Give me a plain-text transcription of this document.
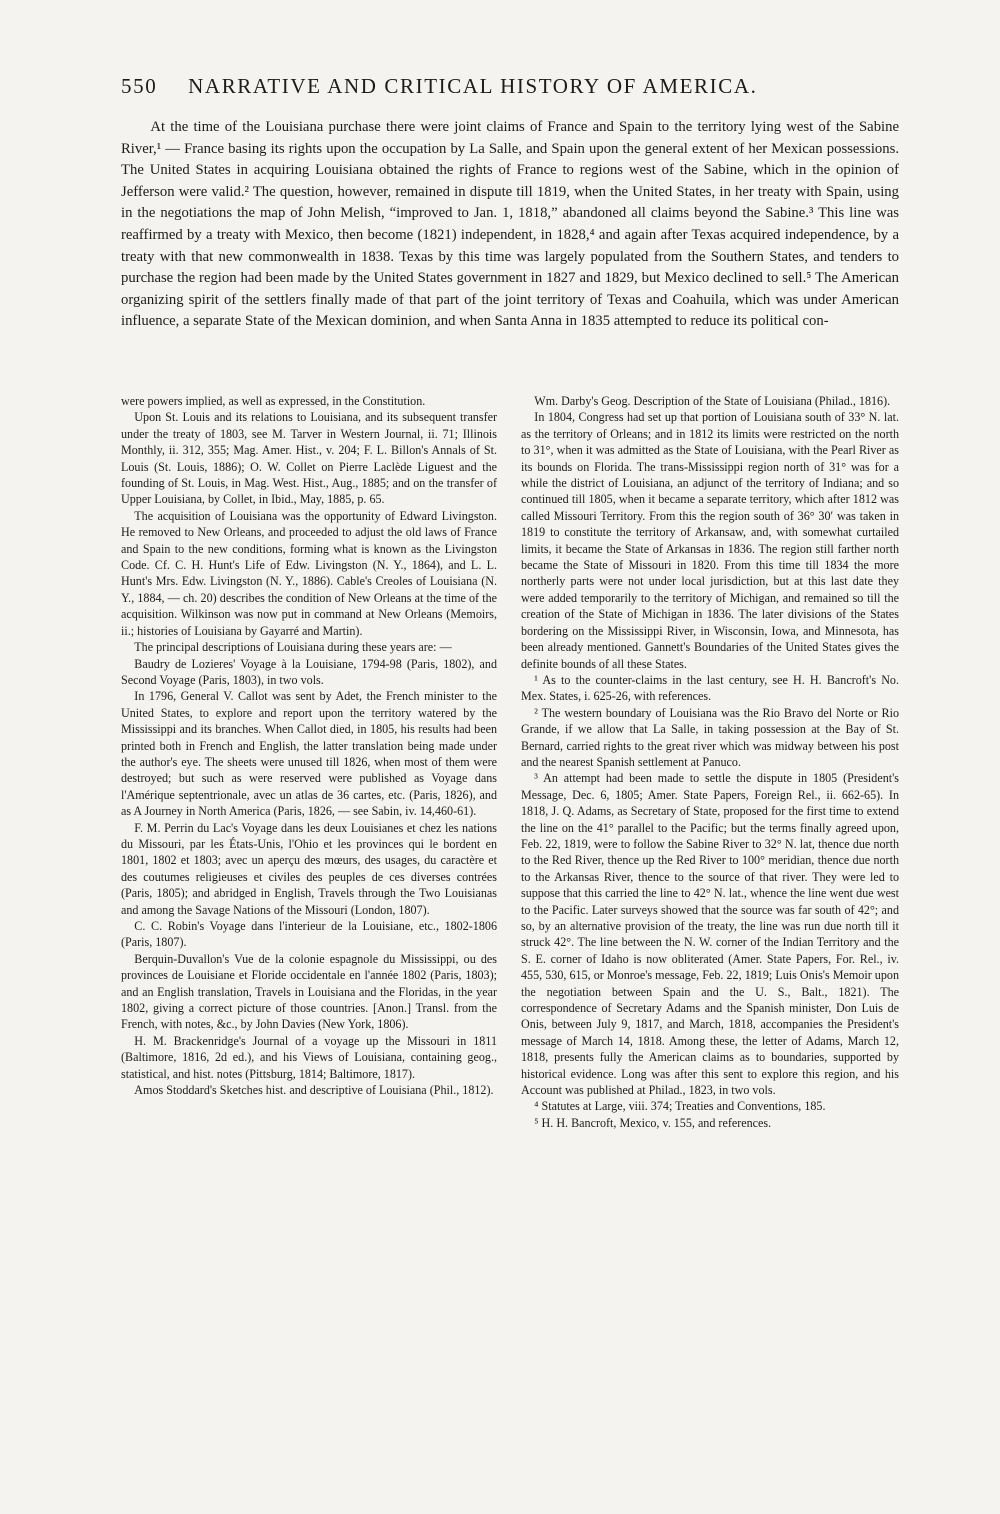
550 NARRATIVE AND CRITICAL HISTORY OF AMERICA.

At the time of the Louisiana purchase there were joint claims of France and Spain to the territory lying west of the Sabine River,¹ — France basing its rights upon the occupation by La Salle, and Spain upon the general extent of her Mexican possessions. The United States in acquiring Louisiana obtained the rights of France to regions west of the Sabine, which in the opinion of Jefferson were valid.² The question, however, remained in dispute till 1819, when the United States, in her treaty with Spain, using in the negotiations the map of John Melish, “improved to Jan. 1, 1818,” abandoned all claims beyond the Sabine.³ This line was reaffirmed by a treaty with Mexico, then become (1821) independent, in 1828,⁴ and again after Texas acquired independence, by a treaty with that new commonwealth in 1838. Texas by this time was largely populated from the Southern States, and tenders to purchase the region had been made by the United States government in 1827 and 1829, but Mexico declined to sell.⁵ The American organizing spirit of the settlers finally made of that part of the joint territory of Texas and Coahuila, which was under American influence, a separate State of the Mexican dominion, and when Santa Anna in 1835 attempted to reduce its political con-

were powers implied, as well as expressed, in the Constitution.

Upon St. Louis and its relations to Louisiana, and its subsequent transfer under the treaty of 1803, see M. Tarver in Western Journal, ii. 71; Illinois Monthly, ii. 312, 355; Mag. Amer. Hist., v. 204; F. L. Billon's Annals of St. Louis (St. Louis, 1886); O. W. Collet on Pierre Laclède Liguest and the founding of St. Louis, in Mag. West. Hist., Aug., 1885; and on the transfer of Upper Louisiana, by Collet, in Ibid., May, 1885, p. 65.

The acquisition of Louisiana was the opportunity of Edward Livingston. He removed to New Orleans, and proceeded to adjust the old laws of France and Spain to the new conditions, forming what is known as the Livingston Code. Cf. C. H. Hunt's Life of Edw. Livingston (N. Y., 1864), and L. L. Hunt's Mrs. Edw. Livingston (N. Y., 1886). Cable's Creoles of Louisiana (N. Y., 1884, — ch. 20) describes the condition of New Orleans at the time of the acquisition. Wilkinson was now put in command at New Orleans (Memoirs, ii.; histories of Louisiana by Gayarré and Martin).

The principal descriptions of Louisiana during these years are: —

Baudry de Lozieres' Voyage à la Louisiane, 1794-98 (Paris, 1802), and Second Voyage (Paris, 1803), in two vols.

In 1796, General V. Callot was sent by Adet, the French minister to the United States, to explore and report upon the territory watered by the Mississippi and its branches. When Callot died, in 1805, his results had been printed both in French and English, the latter translation being made under the author's eye. The sheets were unused till 1826, when most of them were destroyed; but such as were reserved were published as Voyage dans l'Amérique septentrionale, avec un atlas de 36 cartes, etc. (Paris, 1826), and as A Journey in North America (Paris, 1826, — see Sabin, iv. 14,460-61).

F. M. Perrin du Lac's Voyage dans les deux Louisianes et chez les nations du Missouri, par les États-Unis, l'Ohio et les provinces qui le bordent en 1801, 1802 et 1803; avec un aperçu des mœurs, des usages, du caractère et des coutumes religieuses et civiles des peuples de ces diverses contrées (Paris, 1805); and abridged in English, Travels through the Two Louisianas and among the Savage Nations of the Missouri (London, 1807).

C. C. Robin's Voyage dans l'interieur de la Louisiane, etc., 1802-1806 (Paris, 1807).

Berquin-Duvallon's Vue de la colonie espagnole du Mississippi, ou des provinces de Louisiane et Floride occidentale en l'année 1802 (Paris, 1803); and an English translation, Travels in Louisiana and the Floridas, in the year 1802, giving a correct picture of those countries. [Anon.] Transl. from the French, with notes, &c., by John Davies (New York, 1806).

H. M. Brackenridge's Journal of a voyage up the Missouri in 1811 (Baltimore, 1816, 2d ed.), and his Views of Louisiana, containing geog., statistical, and hist. notes (Pittsburg, 1814; Baltimore, 1817).

Amos Stoddard's Sketches hist. and descriptive of Louisiana (Phil., 1812).

Wm. Darby's Geog. Description of the State of Louisiana (Philad., 1816).

In 1804, Congress had set up that portion of Louisiana south of 33° N. lat. as the territory of Orleans; and in 1812 its limits were restricted on the north to 31°, when it was admitted as the State of Louisiana, with the Pearl River as its bounds on Florida. The trans-Mississippi region north of 31° was for a while the district of Louisiana, an adjunct of the territory of Indiana; and so continued till 1805, when it became a separate territory, which after 1812 was called Missouri Territory. From this the region south of 36° 30′ was taken in 1819 to constitute the territory of Arkansaw, and, with somewhat curtailed limits, it became the State of Arkansas in 1836. The region still farther north became the State of Missouri in 1820. From this time till 1834 the more northerly parts were not under local jurisdiction, but at this last date they were added temporarily to the territory of Michigan, and remained so till the creation of the State of Michigan in 1836. The later divisions of the States bordering on the Mississippi River, in Wisconsin, Iowa, and Minnesota, has been already mentioned. Gannett's Boundaries of the United States gives the definite bounds of all these States.

¹ As to the counter-claims in the last century, see H. H. Bancroft's No. Mex. States, i. 625-26, with references.

² The western boundary of Louisiana was the Rio Bravo del Norte or Rio Grande, if we allow that La Salle, in taking possession at the Bay of St. Bernard, carried rights to the great river which was midway between his post and the nearest Spanish settlement at Panuco.

³ An attempt had been made to settle the dispute in 1805 (President's Message, Dec. 6, 1805; Amer. State Papers, Foreign Rel., ii. 662-65). In 1818, J. Q. Adams, as Secretary of State, proposed for the first time to extend the line on the 41° parallel to the Pacific; but the terms finally agreed upon, Feb. 22, 1819, were to follow the Sabine River to 32° N. lat, thence due north to the Red River, thence up the Red River to 100° meridian, thence due north to the Arkansas River, thence to the source of that river. They were led to suppose that this carried the line to 42° N. lat., whence the line went due west to the Pacific. Later surveys showed that the source was far south of 42°; and so, by an alternative provision of the treaty, the line was run due north till it struck 42°. The line between the N. W. corner of the Indian Territory and the S. E. corner of Idaho is now obliterated (Amer. State Papers, For. Rel., iv. 455, 530, 615, or Monroe's message, Feb. 22, 1819; Luis Onis's Memoir upon the negotiation between Spain and the U. S., Balt., 1821). The correspondence of Secretary Adams and the Spanish minister, Don Luis de Onis, between July 9, 1817, and March, 1818, accompanies the President's message of March 14, 1818. Among these, the letter of Adams, March 12, 1818, presents fully the American claims as to boundaries, supported by historical evidence. Long was after this sent to explore this region, and his Account was published at Philad., 1823, in two vols.

⁴ Statutes at Large, viii. 374; Treaties and Conventions, 185.

⁵ H. H. Bancroft, Mexico, v. 155, and references.
